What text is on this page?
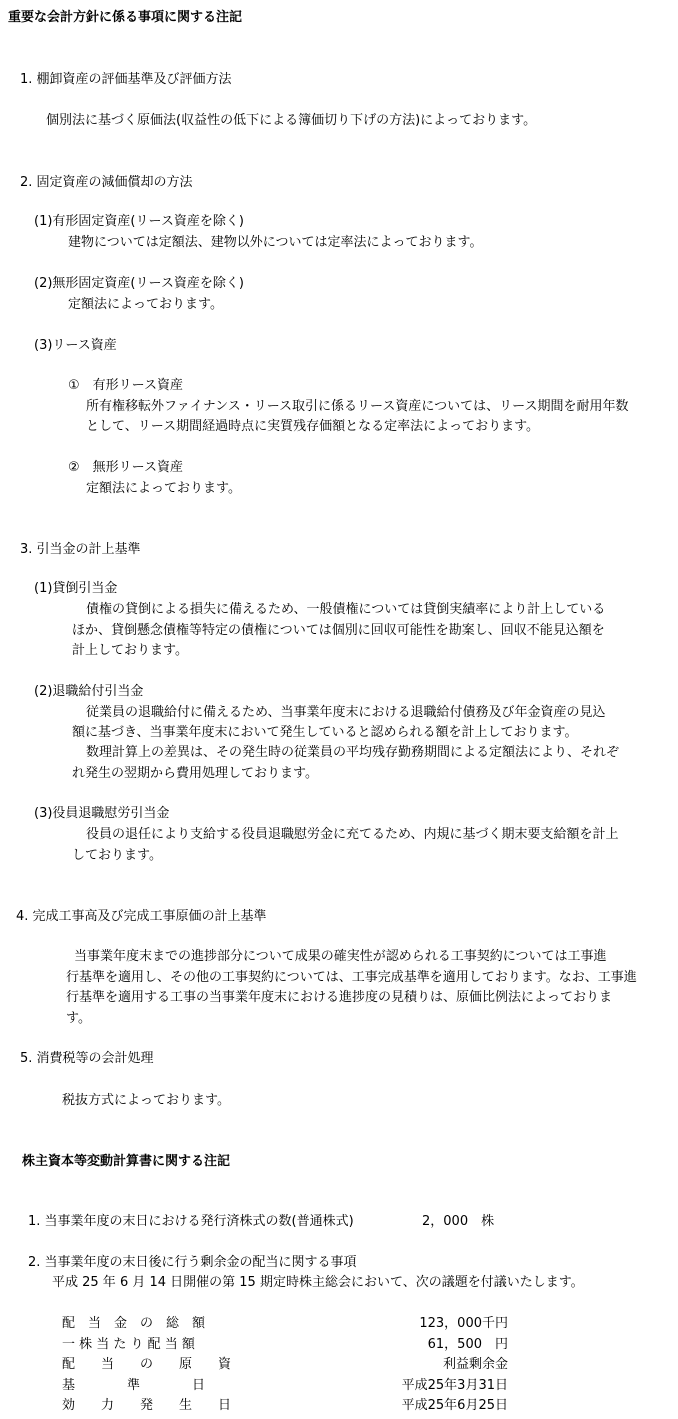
重要な会計方針に係る事項に関する注記
1. 棚卸資産の評価基準及び評価方法
個別法に基づく原価法(収益性の低下による簿価切り下げの方法)によっております。
2. 固定資産の減価償却の方法
(1)有形固定資産(リース資産を除く)
建物については定額法、建物以外については定率法によっております。
(2)無形固定資産(リース資産を除く)
定額法によっております。
(3)リース資産
①　有形リース資産
所有権移転外ファイナンス・リース取引に係るリース資産については、リース期間を耐用年数
として、リース期間経過時点に実質残存価額となる定率法によっております。
②　無形リース資産
定額法によっております。
3. 引当金の計上基準
(1)貸倒引当金
債権の貸倒による損失に備えるため、一般債権については貸倒実績率により計上している
ほか、貸倒懸念債権等特定の債権については個別に回収可能性を勘案し、回収不能見込額を
計上しております。
(2)退職給付引当金
従業員の退職給付に備えるため、当事業年度末における退職給付債務及び年金資産の見込
額に基づき、当事業年度末において発生していると認められる額を計上しております。
数理計算上の差異は、その発生時の従業員の平均残存勤務期間による定額法により、それぞ
れ発生の翌期から費用処理しております。
(3)役員退職慰労引当金
役員の退任により支給する役員退職慰労金に充てるため、内規に基づく期末要支給額を計上
しております。
4. 完成工事高及び完成工事原価の計上基準
当事業年度末までの進捗部分について成果の確実性が認められる工事契約については工事進
行基準を適用し、その他の工事契約については、工事完成基準を適用しております。なお、工事進
行基準を適用する工事の当事業年度末における進捗度の見積りは、原価比例法によっておりま
す。
5. 消費税等の会計処理
税抜方式によっております。
株主資本等変動計算書に関する注記
1. 当事業年度の末日における発行済株式の数(普通株式)	2，000　株
2. 当事業年度の末日後に行う剰余金の配当に関する事項
平成 25 年 6 月 14 日開催の第 15 期定時株主総会において、次の議題を付議いたします。
配　当　金　の　総　額	123，000千円
一 株 当 た り 配 当 額	61，500　円
配　　当　　の　　原　　資	利益剰余金
基　　　　準　　　　日	平成25年3月31日
効　　力　　発　　生　　日	平成25年6月25日
